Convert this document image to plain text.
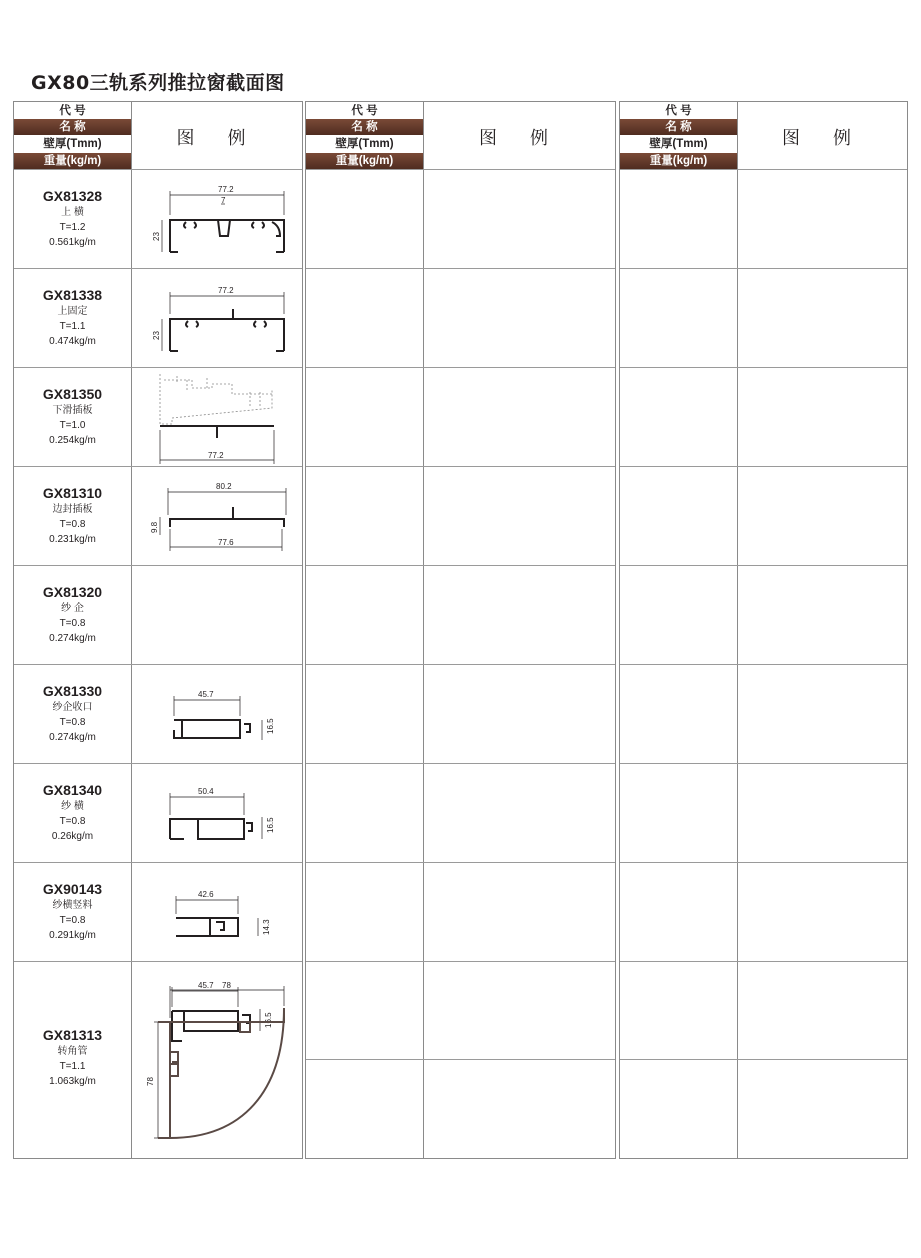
GX80三轨系列推拉窗截面图
代 号
名 称
壁厚(Tmm)
重量(kg/m)
图 例
GX81328
上 横
T=1.2
0.561kg/m
77.2
7
23
GX81338
上固定
T=1.1
0.474kg/m
77.2
23
GX81350
下滑插板
T=1.0
0.254kg/m
77.2
GX81310
边封插板
T=0.8
0.231kg/m
80.2
77.6
9.8
GX81320
纱 企
T=0.8
0.274kg/m
45.7
16.5
GX81330
纱企收口
T=0.8
0.274kg/m
50.4
16.5
GX81340
纱 横
T=0.8
0.26kg/m
42.6
14.3
GX90143
纱横竖料
T=0.8
0.291kg/m
45.7
16.5
GX81313
转角管
T=1.1
1.063kg/m
78
78
代 号
名 称
壁厚(Tmm)
重量(kg/m)
图 例
代 号
名 称
壁厚(Tmm)
重量(kg/m)
图 例
